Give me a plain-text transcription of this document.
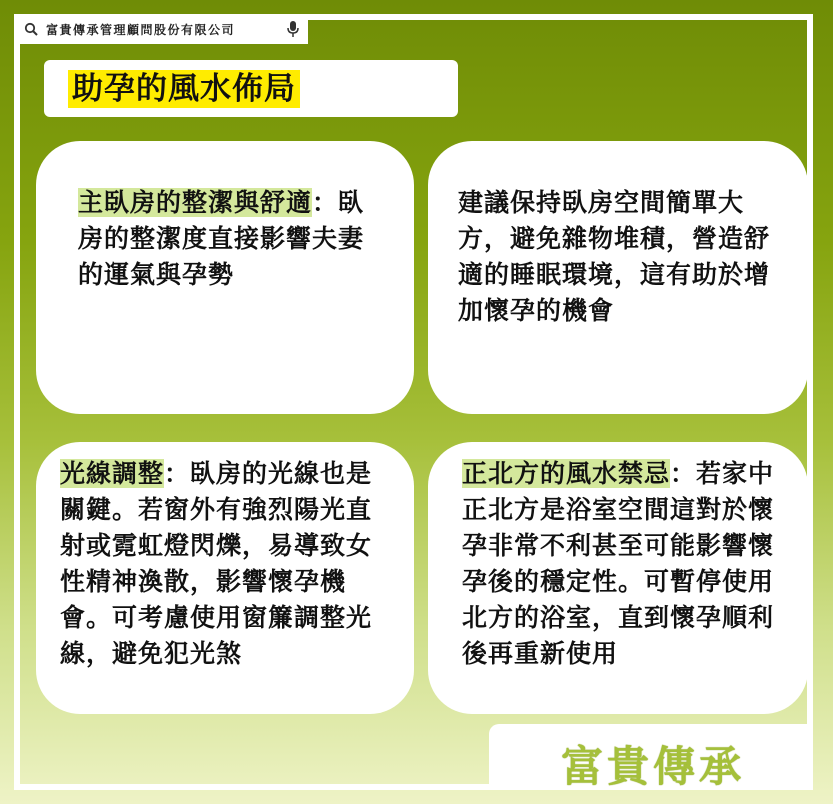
富貴傳承管理顧問股份有限公司
助孕的風水佈局
主臥房的整潔與舒適：臥房的整潔度直接影響夫妻的運氣與孕勢
建議保持臥房空間簡單大方，避免雜物堆積，營造舒適的睡眠環境，這有助於增加懷孕的機會
光線調整：臥房的光線也是關鍵。若窗外有強烈陽光直射或霓虹燈閃爍，易導致女性精神渙散，影響懷孕機會。可考慮使用窗簾調整光線，避免犯光煞
正北方的風水禁忌：若家中正北方是浴室空間這對於懷孕非常不利甚至可能影響懷孕後的穩定性。可暫停使用北方的浴室，直到懷孕順利後再重新使用
富貴傳承
